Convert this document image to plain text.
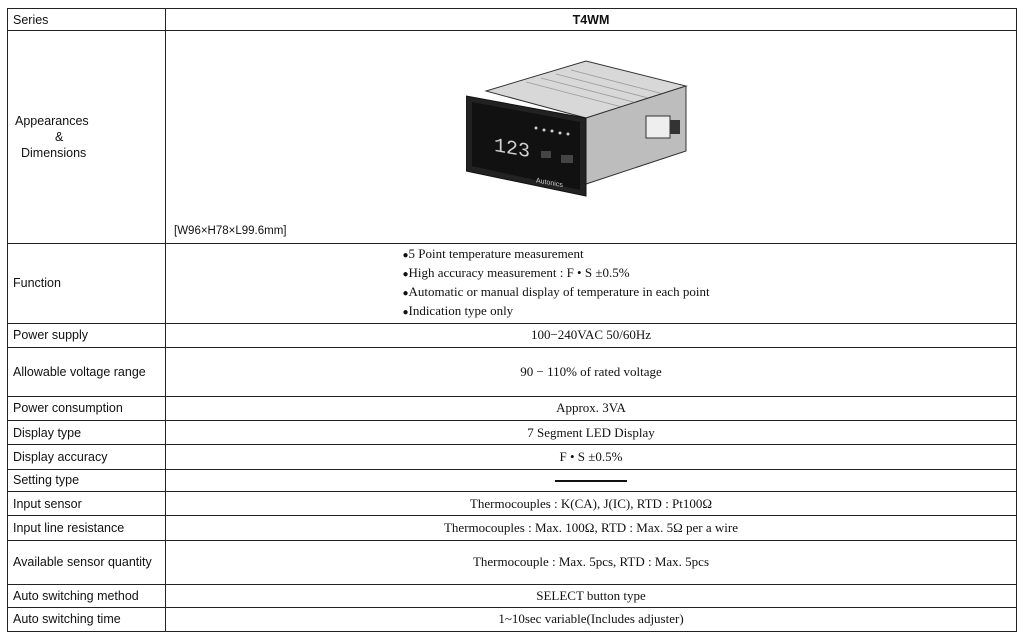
Series	T4WM

Appearances
&
Dimensions	123
Autonics
[W96×H78×L99.6mm]

Function	●5 Point temperature measurement
●High accuracy measurement : F • S ±0.5%
●Automatic or manual display of temperature in each point
●Indication type only

Power supply	100−240VAC 50/60Hz
Allowable voltage range	90 − 110% of rated voltage
Power consumption	Approx. 3VA
Display type	7 Segment LED Display
Display accuracy	F • S ±0.5%
Setting type	
Input sensor	Thermocouples : K(CA), J(IC), RTD : Pt100Ω
Input line resistance	Thermocouples : Max. 100Ω, RTD : Max. 5Ω per a wire
Available sensor quantity	Thermocouple : Max. 5pcs, RTD : Max. 5pcs
Auto switching method	SELECT button type
Auto switching time	1~10sec variable(Includes adjuster)
